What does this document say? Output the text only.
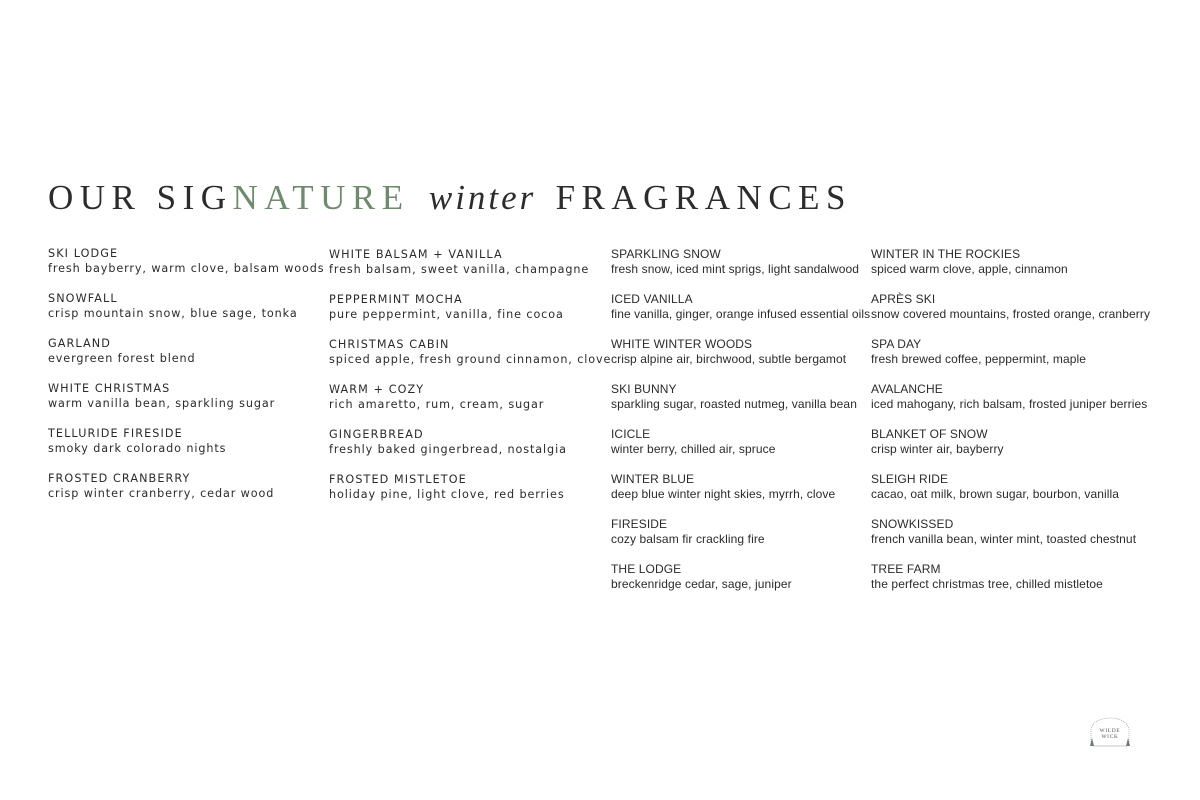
OUR SIGNATURE winter FRAGRANCES
SKI LODGE
fresh bayberry, warm clove, balsam woods
SNOWFALL
crisp mountain snow, blue sage, tonka
GARLAND
evergreen forest blend
WHITE CHRISTMAS
warm vanilla bean, sparkling sugar
TELLURIDE FIRESIDE
smoky dark colorado nights
FROSTED CRANBERRY
crisp winter cranberry, cedar wood
WHITE BALSAM + VANILLA
fresh balsam, sweet vanilla, champagne
PEPPERMINT MOCHA
pure peppermint, vanilla, fine cocoa
CHRISTMAS CABIN
spiced apple, fresh ground cinnamon, clove
WARM + COZY
rich amaretto, rum, cream, sugar
GINGERBREAD
freshly baked gingerbread, nostalgia
FROSTED MISTLETOE
holiday pine, light clove, red berries
SPARKLING SNOW
fresh snow, iced mint sprigs, light sandalwood
ICED VANILLA
fine vanilla, ginger, orange infused essential oils
WHITE WINTER WOODS
crisp alpine air, birchwood, subtle bergamot
SKI BUNNY
sparkling sugar, roasted nutmeg, vanilla bean
ICICLE
winter berry, chilled air, spruce
WINTER BLUE
deep blue winter night skies, myrrh, clove
FIRESIDE
cozy balsam fir crackling fire
THE LODGE
breckenridge cedar, sage, juniper
WINTER IN THE ROCKIES
spiced warm clove, apple, cinnamon
APRÈS SKI
snow covered mountains, frosted orange, cranberry
SPA DAY
fresh brewed coffee, peppermint, maple
AVALANCHE
iced mahogany, rich balsam, frosted juniper berries
BLANKET OF SNOW
crisp winter air, bayberry
SLEIGH RIDE
cacao, oat milk, brown sugar, bourbon, vanilla
SNOWKISSED
french vanilla bean, winter mint, toasted chestnut
TREE FARM
the perfect christmas tree, chilled mistletoe
WILDE
WICK
